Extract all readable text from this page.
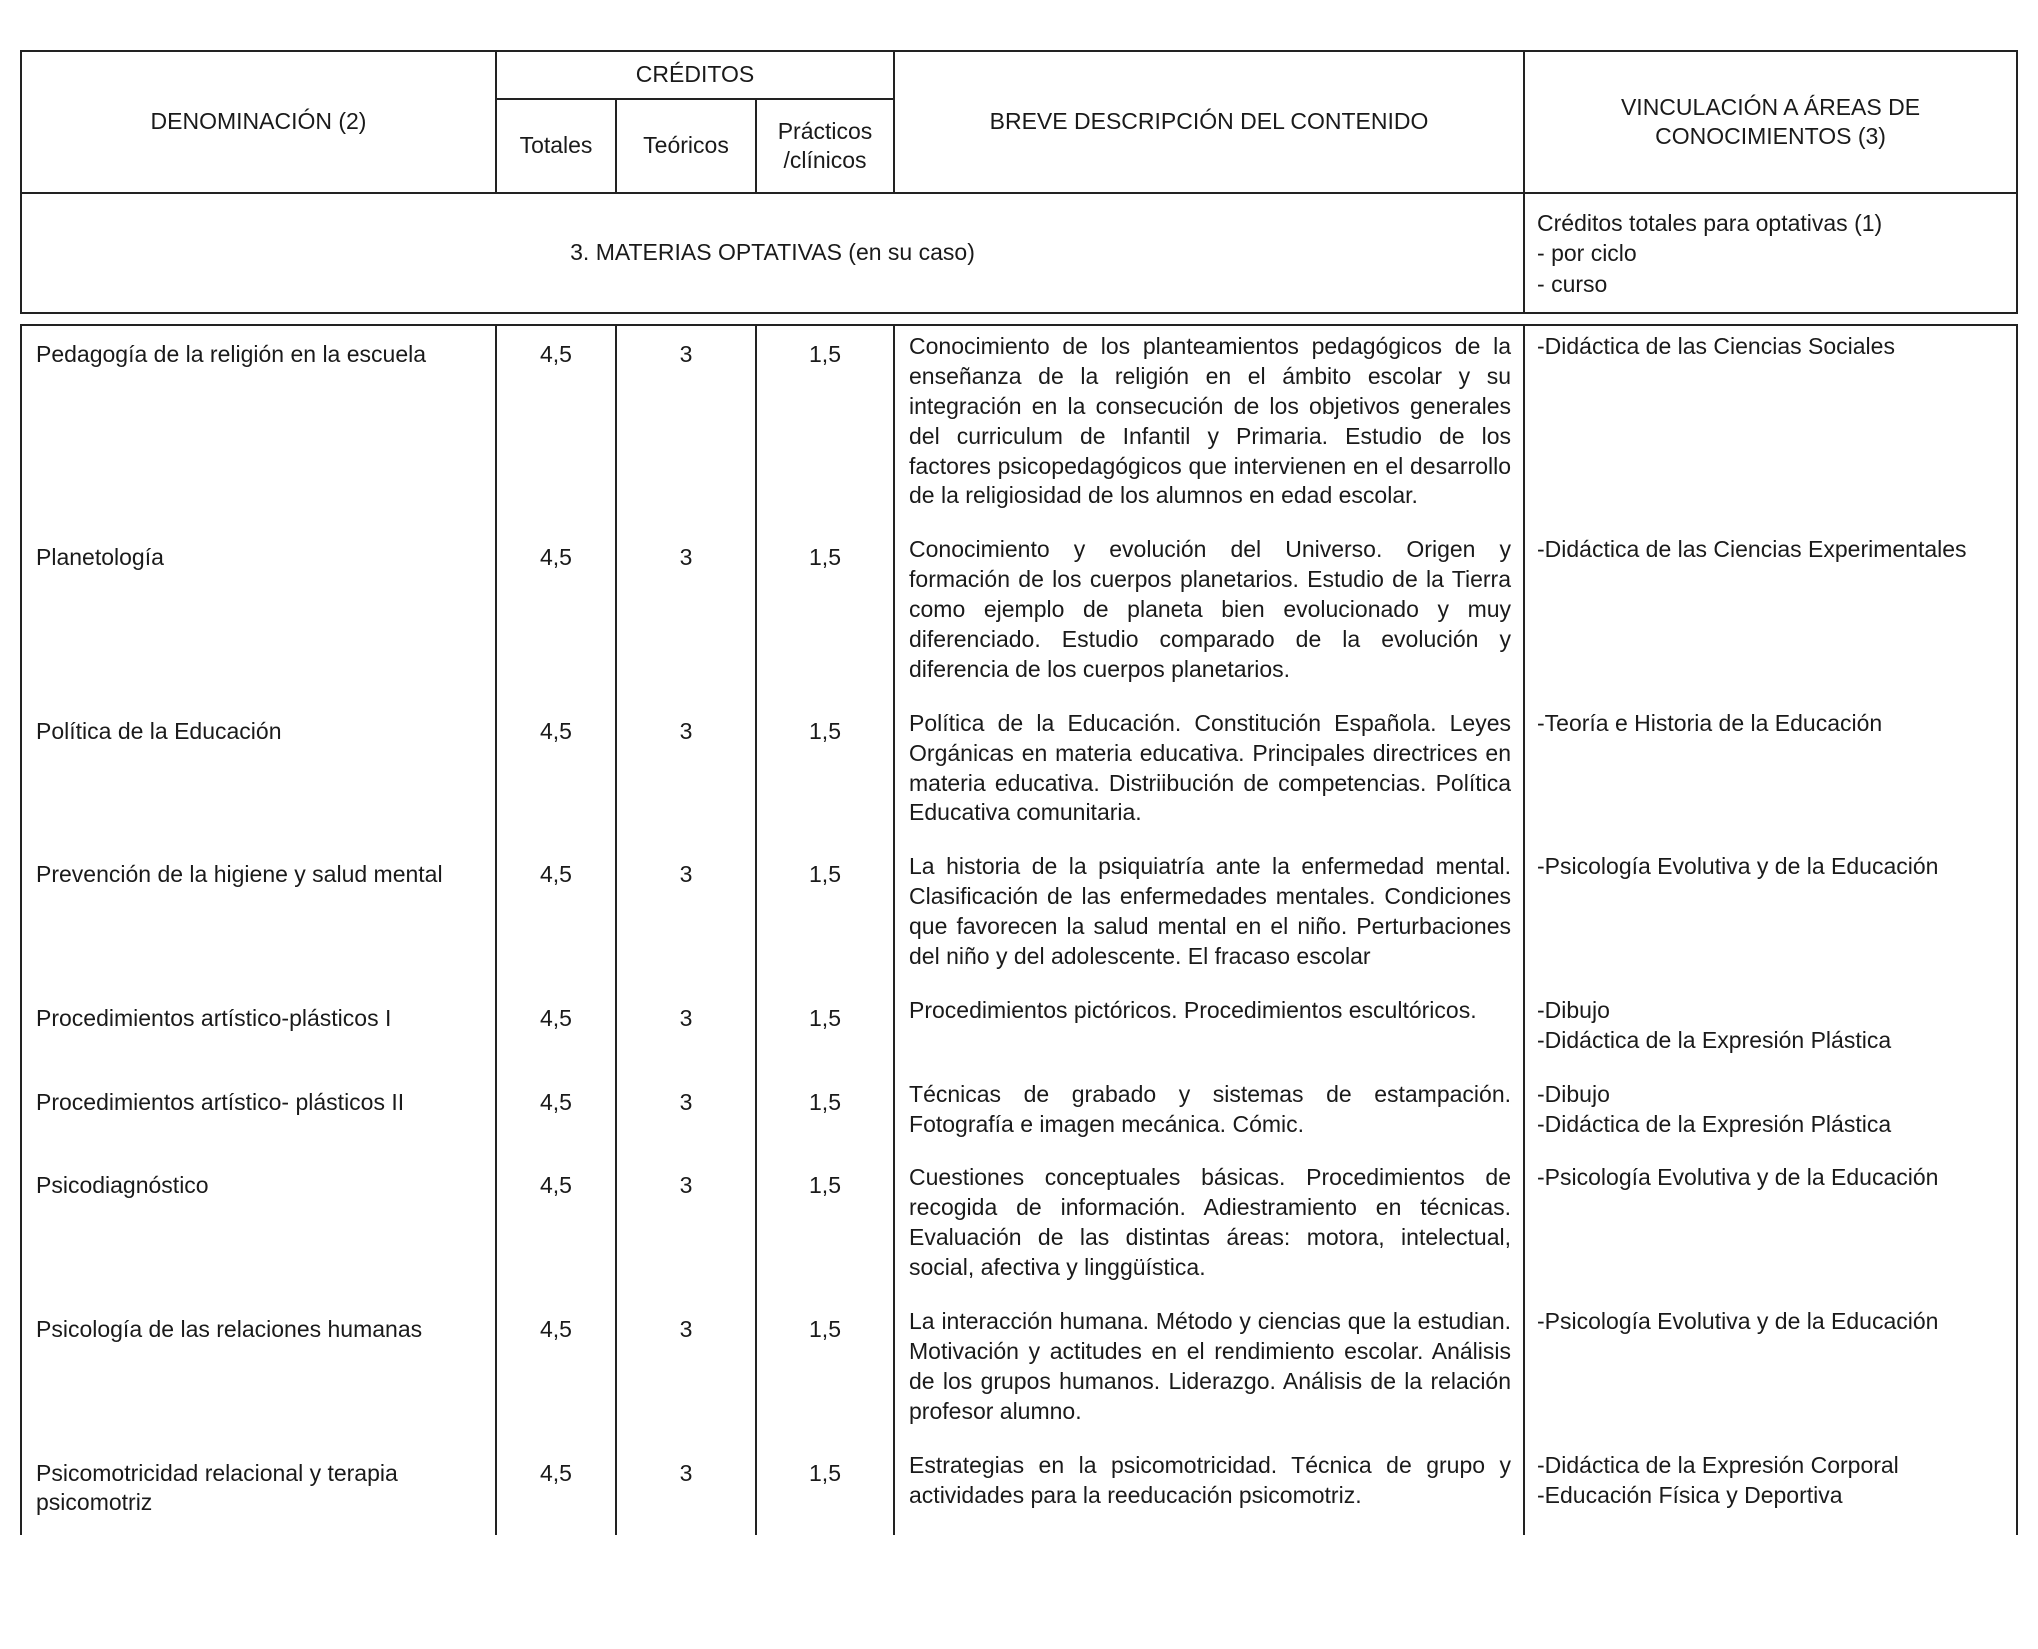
3. MATERIAS OPTATIVAS (en su caso)					Créditos totales para optativas (1)
- por ciclo
- curso

DENOMINACIÓN (2)	CRÉDITOS			BREVE DESCRIPCIÓN DEL CONTENIDO	VINCULACIÓN A ÁREAS DE
CONOCIMIENTOS (3)

	Totales	Teóricos	Prácticos
/clínicos		

Pedagogía de la religión en la escuela	4,5	3	1,5	Conocimiento de los planteamientos pedagógicos de la enseñanza de la religión en el ámbito escolar y su integración en la consecución de los objetivos generales del curriculum de Infantil y Primaria. Estudio de los factores psicopedagógicos que intervienen en el desarrollo de la religiosidad de los alumnos en edad escolar.	-Didáctica de las Ciencias Sociales

Planetología	4,5	3	1,5	Conocimiento y evolución del Universo. Origen y formación de los cuerpos planetarios. Estudio de la Tierra como ejemplo de planeta bien evolucionado y muy diferenciado. Estudio comparado de la evolución y diferencia de los cuerpos planetarios.	-Didáctica de las Ciencias Experimentales

Política de la Educación	4,5	3	1,5	Política de la Educación. Constitución Española. Leyes Orgánicas en materia educativa. Principales directrices en materia educativa. Distriibución de competencias. Política Educativa comunitaria.	-Teoría e Historia de la Educación

Prevención de la higiene y salud mental	4,5	3	1,5	La historia de la psiquiatría ante la enfermedad mental. Clasificación de las enfermedades mentales. Condiciones que favorecen la salud mental en el niño. Perturbaciones del niño y del adolescente. El fracaso escolar	-Psicología Evolutiva y de la Educación

Procedimientos artístico-plásticos I	4,5	3	1,5	Procedimientos pictóricos. Procedimientos escultóricos.	-Dibujo
-Didáctica de la Expresión Plástica

Procedimientos artístico- plásticos II	4,5	3	1,5	Técnicas de grabado y sistemas de estampación. Fotografía e imagen mecánica. Cómic.	-Dibujo
-Didáctica de la Expresión Plástica

Psicodiagnóstico	4,5	3	1,5	Cuestiones conceptuales básicas. Procedimientos de recogida de información. Adiestramiento en técnicas. Evaluación de las distintas áreas: motora, intelectual, social, afectiva y linggüística.	-Psicología Evolutiva y de la Educación

Psicología de las relaciones humanas	4,5	3	1,5	La interacción humana. Método y ciencias que la estudian. Motivación y actitudes en el rendimiento escolar. Análisis de los grupos humanos. Liderazgo. Análisis de la relación profesor alumno.	-Psicología Evolutiva y de la Educación

Psicomotricidad relacional y terapia psicomotriz	4,5	3	1,5	Estrategias en la psicomotricidad. Técnica de grupo y actividades para la reeducación psicomotriz.	-Didáctica de la Expresión Corporal
-Educación Física y Deportiva
